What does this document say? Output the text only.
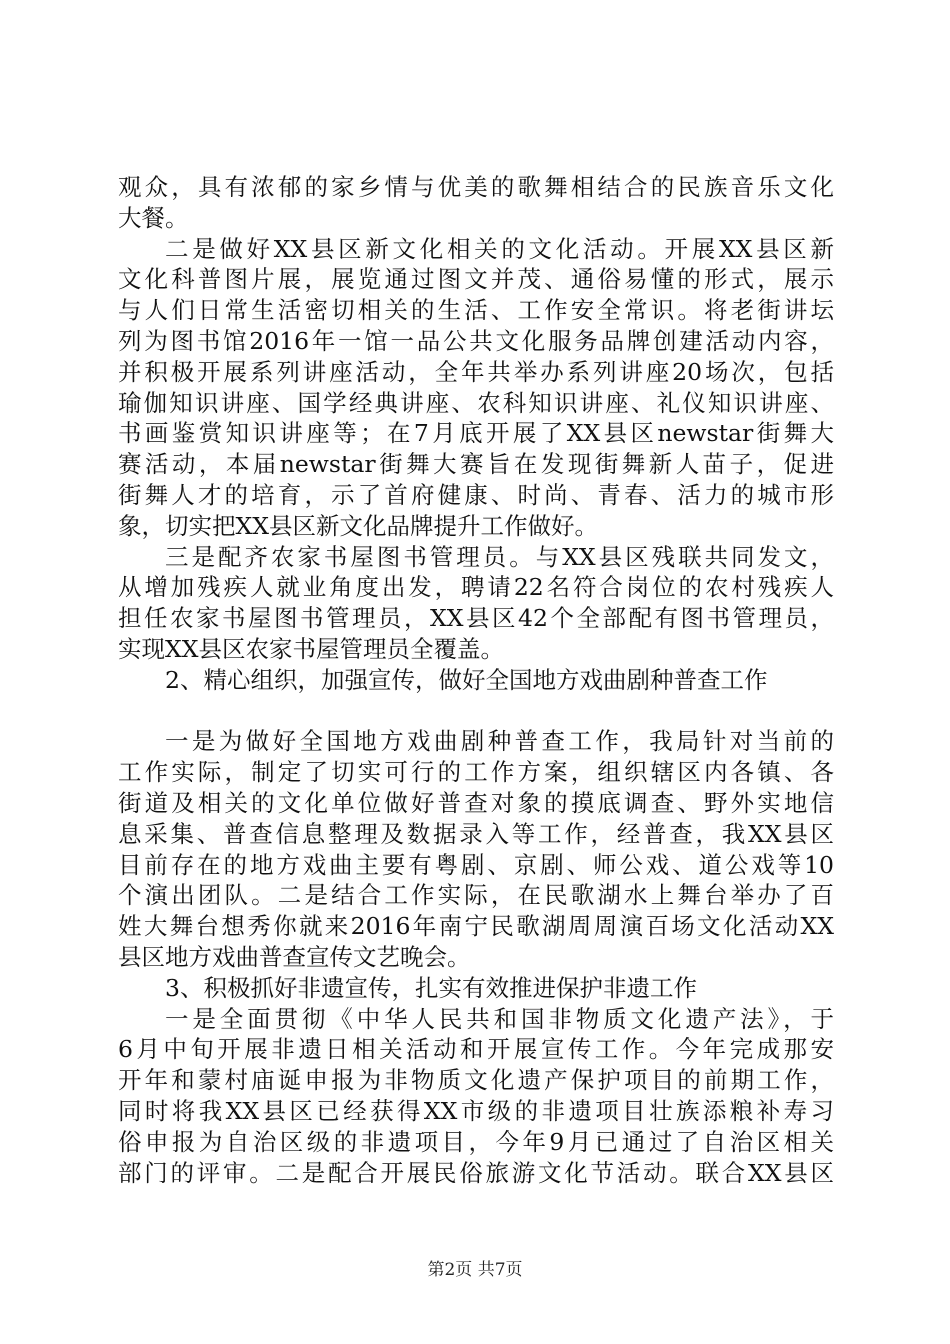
观众，具有浓郁的家乡情与优美的歌舞相结合的民族音乐文化
大餐。
二是做好XX县区新文化相关的文化活动。开展XX县区新
文化科普图片展，展览通过图文并茂、通俗易懂的形式，展示
与人们日常生活密切相关的生活、工作安全常识。将老街讲坛
列为图书馆2016年一馆一品公共文化服务品牌创建活动内容，
并积极开展系列讲座活动，全年共举办系列讲座20场次，包括
瑜伽知识讲座、国学经典讲座、农科知识讲座、礼仪知识讲座、
书画鉴赏知识讲座等；在7月底开展了XX县区newstar街舞大
赛活动，本届newstar街舞大赛旨在发现街舞新人苗子，促进
街舞人才的培育，示了首府健康、时尚、青春、活力的城市形
象，切实把XX县区新文化品牌提升工作做好。
三是配齐农家书屋图书管理员。与XX县区残联共同发文，
从增加残疾人就业角度出发，聘请22名符合岗位的农村残疾人
担任农家书屋图书管理员，XX县区42个全部配有图书管理员，
实现XX县区农家书屋管理员全覆盖。
2、精心组织，加强宣传，做好全国地方戏曲剧种普查工作
一是为做好全国地方戏曲剧种普查工作，我局针对当前的
工作实际，制定了切实可行的工作方案，组织辖区内各镇、各
街道及相关的文化单位做好普查对象的摸底调查、野外实地信
息采集、普查信息整理及数据录入等工作，经普查，我XX县区
目前存在的地方戏曲主要有粤剧、京剧、师公戏、道公戏等10
个演出团队。二是结合工作实际，在民歌湖水上舞台举办了百
姓大舞台想秀你就来2016年南宁民歌湖周周演百场文化活动XX
县区地方戏曲普查宣传文艺晚会。
3、积极抓好非遗宣传，扎实有效推进保护非遗工作
一是全面贯彻《中华人民共和国非物质文化遗产法》，于
6月中旬开展非遗日相关活动和开展宣传工作。今年完成那安
开年和蒙村庙诞申报为非物质文化遗产保护项目的前期工作，
同时将我XX县区已经获得XX市级的非遗项目壮族添粮补寿习
俗申报为自治区级的非遗项目，今年9月已通过了自治区相关
部门的评审。二是配合开展民俗旅游文化节活动。联合XX县区
第2页 共7页
